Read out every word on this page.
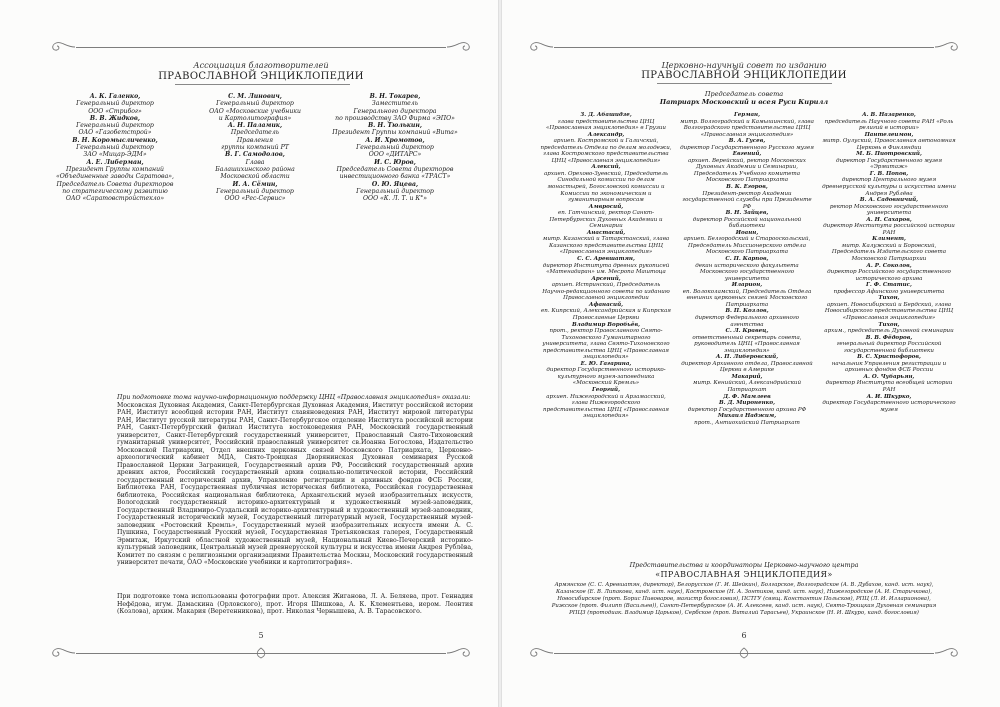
Ассоциация благотворителей
ПРАВОСЛАВНОЙ ЭНЦИКЛОПЕДИИ
А. К. Галенко,
Генеральный директор
ООО «Стрибог»
В. В. Жидков,
Генеральный директор
ОАО «Газобетстрой»
В. Н. Коромысличенко,
Генеральный директор
ЗАО «Мицар-ЭДМ»
А. Е. Либерман,
Президент Группы компаний
«Объединенные заводы Саратова»,
Председатель Совета директоров
по стратегическому развитию
ОАО «Саратовстройстекло»
С. М. Линович,
Генеральный директор
ОАО «Московские учебники
и Картолитография»
А. Н. Паламик,
Председатель
Правления
группы компаний РТ
В. Г. Самодолов,
Глава
Балашихинского района
Московской области
И. А. Сёмин,
Генеральный директор
ООО «Рес-Сервис»
В. Н. Токарев,
Заместитель
Генерального директора
по производству ЗАО Фирма «ЭПО»
В. Н. Тюлькин,
Президент Группы компаний «Вита»
А. И. Хромотов,
Генеральный директор
ООО «ДИТАРС»
И. С. Юров,
Председатель Совета директоров
инвестиционного банка «ТРАСТ»
О. Ю. Яцева,
Генеральный директор
ООО «К. Л. Т. и К°»
При подготовке тома научно-информационную поддержку ЦНЦ «Православная энциклопедия» оказали:
Московская Духовная Академия, Санкт-Петербургская Духовная Академия, Институт российской истории РАН, Институт всеобщей истории РАН, Институт славяноведения РАН, Институт мировой литературы РАН, Институт русской литературы РАН, Санкт-Петербургское отделение Института российской истории РАН, Санкт-Петербургский филиал Института востоковедения РАН, Московский государственный университет, Санкт-Петербургский государственный университет, Православный Свято-Тихоновский гуманитарный университет, Российский православный университет св.Иоанна Богослова, Издательство Московской Патриархии, Отдел внешних церковных связей Московского Патриархата, Церковно-археологический кабинет МДА, Свято-Троицкая Дворянинская Духовная семинария Русской Православной Церкви Заграницей, Государственный архив РФ, Российский государственный архив древних актов, Российский государственный архив социально-политической истории, Российский государственный исторический архив, Управление регистрации и архивных фондов ФСБ России, Библиотека РАН, Государственная публичная историческая библиотека, Российская государственная библиотека, Российская национальная библиотека, Архангельский музей изобразительных искусств, Вологодский государственный историко-архитектурный и художественный музей-заповедник, Государственный Владимиро-Суздальский историко-архитектурный и художественный музей-заповедник, Государственный исторический музей, Государственный литературный музей, Государственный музей-заповедник «Ростовский Кремль», Государственный музей изобразительных искусств имени А. С. Пушкина, Государственный Русский музей, Государственная Третьяковская галерея, Государственный Эрмитаж, Иркутский областной художественный музей, Национальный Киево-Печерский историко-культурный заповедник, Центральный музей древнерусской культуры и искусства имени Андрея Рублёва, Комитет по связям с религиозными организациями Правительства Москвы, Московский государственный университет печати, ОАО «Московские учебники и картолитография».
При подготовке тома использованы фотографии прот. Алексия Жиганова, Л. А. Беляева, прот. Геннадия Нефёдова, игум. Дамаскина (Орловского), прот. Игоря Шишкова, А. К. Клементьева, иером. Леонтия (Козлова), архим. Макария (Веретенникова), прот. Николая Чернышева, А. В. Тарасовского.
5
Церковно-научный совет по изданию
ПРАВОСЛАВНОЙ ЭНЦИКЛОПЕДИИ
Председатель совета
Патриарх Московский и всея Руси Кирилл
З. Д. Абашидзе,
глава представительства ЦНЦ «Православная энциклопедия» в Грузии
Александр,
архиеп. Костромской и Галичский, председатель Отдела по делам молодежи, глава Костромского представительства ЦНЦ «Православная энциклопедия»
Алексий,
архиеп. Орехово-Зуевский, Председатель Синодальной комиссии по делам монастырей, Богословской комиссии и Комиссии по экономическим и гуманитарным вопросам
Амвросий,
еп. Гатчинский, ректор Санкт-Петербургских Духовных Академии и Семинарии
Анастасий,
митр. Казанский и Татарстанский, глава Казанского представительства ЦНЦ «Православная энциклопедия»
С. С. Аревшатян,
директор Института древних рукописей «Матенадаран» им. Месропа Маштоца
Арсений,
архиеп. Истринский, Председатель Научно-редакционного совета по изданию Православной энциклопедии
Афанасий,
еп. Кипрский, Александрийская и Кипрская Православные Церкви
Владимир Воробьёв,
прот., ректор Православного Свято-Тихоновского Гуманитарного университета, глава Свято-Тихоновского представительства ЦНЦ «Православная энциклопедия»
Е. Ю. Гагарина,
директор Государственного историко-культурного музея-заповедника «Московский Кремль»
Георгий,
архиеп. Нижегородский и Арзамасский, глава Нижегородского представительства ЦНЦ «Православная энциклопедия»
Герман,
митр. Волгоградский и Камышинский, глава Волгоградского представительства ЦНЦ «Православная энциклопедия»
В. А. Гусев,
директор Государственного Русского музея
Евгений,
архиеп. Верейский, ректор Московских Духовных Академии и Семинарии, Председатель Учебного комитета Московского Патриархата
В. К. Егоров,
Президент-ректор Академии государственной службы при Президенте РФ
В. Н. Зайцев,
директор Российской национальной библиотеки
Иоанн,
архиеп. Белгородский и Старооскольский, Председатель Миссионерского отдела Московского Патриархата
С. П. Карпов,
декан исторического факультета Московского государственного университета
Иларион,
еп. Волоколамский, Председатель Отдела внешних церковных связей Московского Патриархата
В. П. Козлов,
директор Федерального архивного агентства
С. Л. Кравец,
ответственный секретарь совета, руководитель ЦНЦ «Православная энциклопедия»
А. П. Либеровский,
директор Архивного отдела, Православной Церкви в Америке
Макарий,
митр. Кенийский, Александрийский Патриархат
Д. Ф. Мамлеев
В. Д. Мироненко,
директор Государственного архива РФ
Михаил Наджим,
прот., Антиохийский Патриархат
А. В. Назаренко,
председатель Научного совета РАН «Роль религий в истории»
Пантелеимон,
митр. Оулуский, Православная автономная Церковь в Финляндии
М. Б. Пиотровский,
директор Государственного музея «Эрмитаж»
Г. В. Попов,
директор Центрального музея древнерусской культуры и искусства имени Андрея Рублёва
В. А. Садовничий,
ректор Московского государственного университета
А. Н. Сахаров,
директор Института российской истории РАН
Климент,
митр. Калужский и Боровский, Председатель Издательского совета Московской Патриархии
А. Р. Соколов,
директор Российского государственного исторического архива
Г. Ф. Статис,
профессор Афинского университета
Тихон,
архиеп. Новосибирский и Бердский, глава Новосибирского представительства ЦНЦ «Православная энциклопедия»
Тихон,
архим., председатель Духовной семинарии
В. В. Фёдоров,
генеральный директор Российской государственной библиотеки
В. С. Христофоров,
начальник Управления регистрации и архивных фондов ФСБ России
А. О. Чубарьян,
директор Института всеобщей истории РАН
А. И. Шкурко,
директор Государственного исторического музея
Представительства и координаторы Церковно-научного центра
«ПРАВОСЛАВНАЯ ЭНЦИКЛОПЕДИЯ»
Армянское (С. С. Аревшатян, директор), Белорусское (Г. И. Шейкин), Болгарское, Волгоградское (А. В. Дубахов, канд. ист. наук), Казанское (Е. В. Липакова, канд. ист. наук), Костромское (Н. А. Зонтиков, канд. ист. наук), Нижегородское (А. И. Старичкова), Новосибирское (прот. Борис Пивоваров, магистр богословия), ПСТГУ (свящ. Константин Польсков), РПЦ (Л. И. Илларионова), Рижское (прот. Филипп (Васильев)), Санкт-Петербургское (А. И. Алексеев, канд. ист. наук), Свято-Троицкая Духовная семинария РПЦЗ (протодиак. Владимир Царьков), Сербское (проп. Виталий Тарасьев), Украинское (Н. И. Шкуро, канд. богословия)
6
